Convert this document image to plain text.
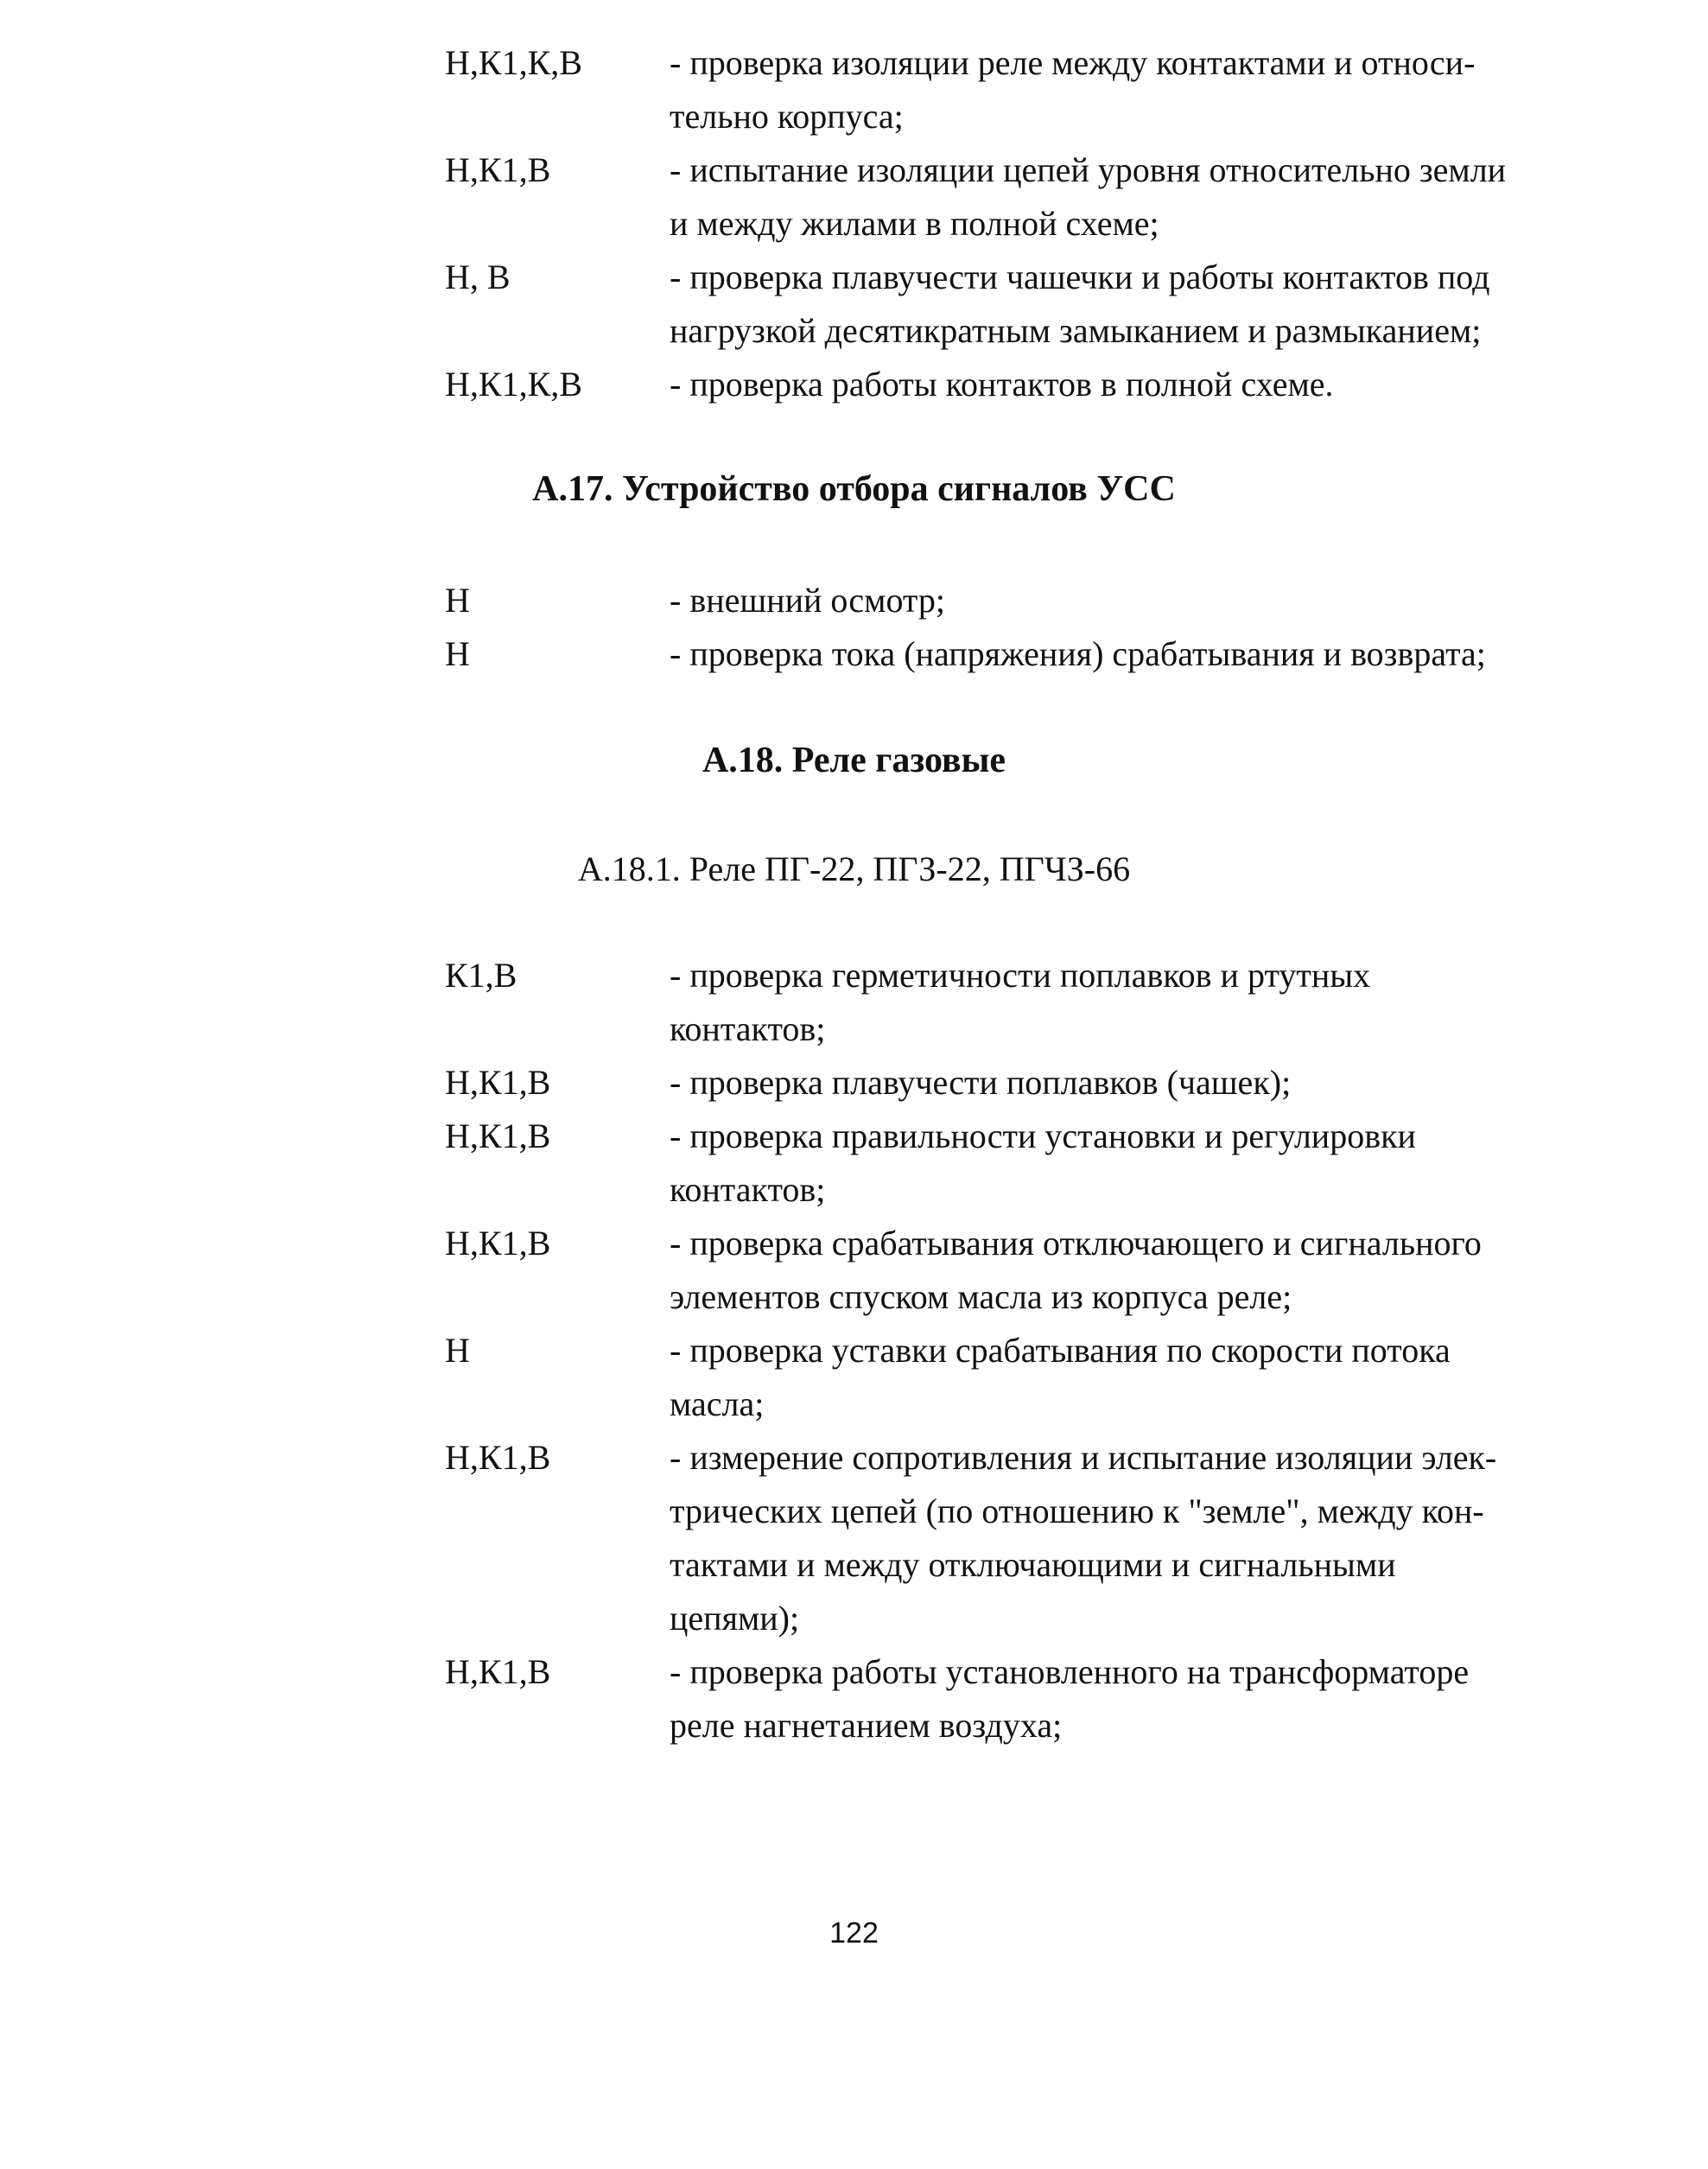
Н,К1,К,В	- проверка изоляции реле между контактами и относи-
тельно корпуса;
Н,К1,В	- испытание изоляции цепей уровня относительно земли
и между жилами в полной схеме;
Н, В	- проверка плавучести чашечки и работы контактов под
нагрузкой десятикратным замыканием и размыканием;
Н,К1,К,В	- проверка работы контактов в полной схеме.
А.17. Устройство отбора сигналов УСС
Н	- внешний осмотр;
Н	- проверка тока (напряжения) срабатывания и возврата;
А.18. Реле газовые
А.18.1. Реле ПГ-22, ПГЗ-22, ПГЧЗ-66
К1,В	- проверка герметичности поплавков и ртутных
контактов;
Н,К1,В	- проверка плавучести поплавков (чашек);
Н,К1,В	- проверка правильности установки и регулировки
контактов;
Н,К1,В	- проверка срабатывания отключающего и сигнального
элементов спуском масла из корпуса реле;
Н	- проверка уставки срабатывания по скорости потока
масла;
Н,К1,В	- измерение сопротивления и испытание изоляции элек-
трических цепей (по отношению к "земле", между кон-
тактами и между отключающими и сигнальными
цепями);
Н,К1,В	- проверка работы установленного на трансформаторе
реле нагнетанием воздуха;
122
